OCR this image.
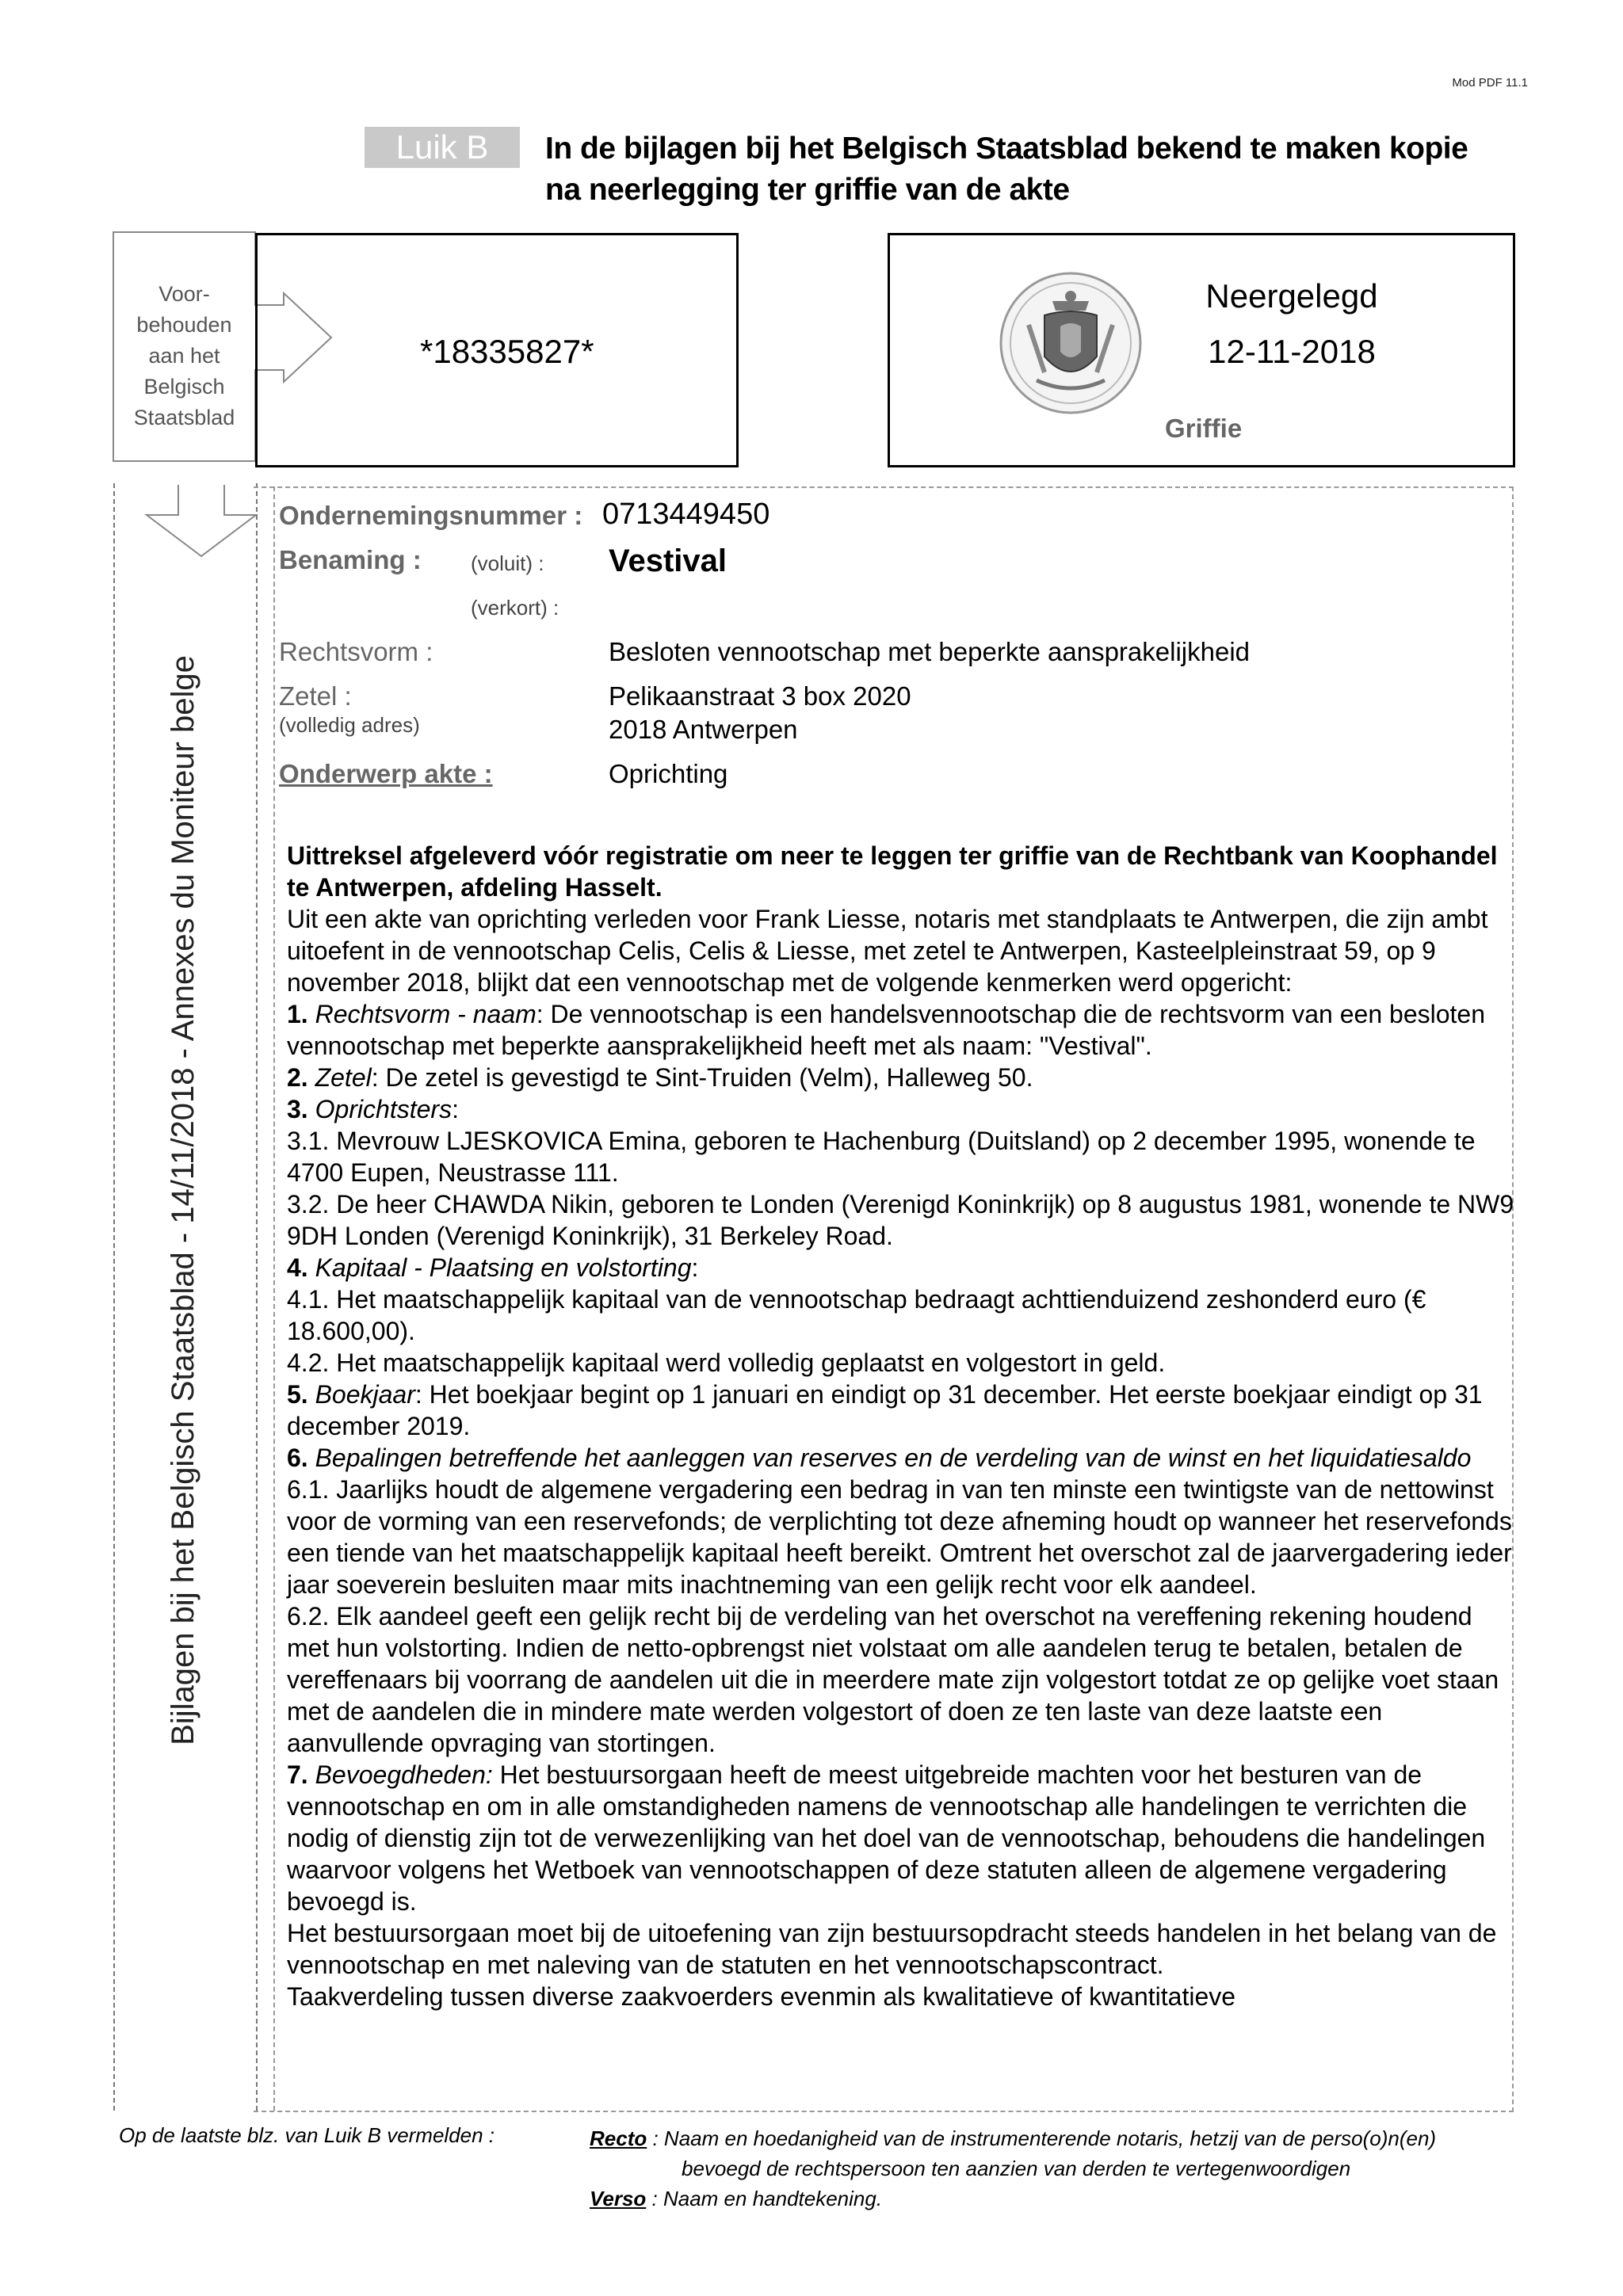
Mod PDF 11.1
Luik B	In de bijlagen bij het Belgisch Staatsblad bekend te maken kopie
na neerlegging ter griffie van de akte
Voor-
behouden
aan het
Belgisch
Staatsblad
Bijlagen bij het Belgisch Staatsblad - 14/11/2018 - Annexes du Moniteur belge
*18335827*
Neergelegd
12-11-2018
Griffie
Ondernemingsnummer : 0713449450
Benaming : (voluit) : Vestival
(verkort) :
Rechtsvorm :	Besloten vennootschap met beperkte aansprakelijkheid
Zetel :
(volledig adres)
Pelikaanstraat 3 box 2020
2018 Antwerpen
Onderwerp akte :	Oprichting

Uittreksel afgeleverd vóór registratie om neer te leggen ter griffie van de Rechtbank van Koophandel te Antwerpen, afdeling Hasselt.

Uit een akte van oprichting verleden voor Frank Liesse, notaris met standplaats te Antwerpen, die zijn ambt uitoefent in de vennootschap Celis, Celis & Liesse, met zetel te Antwerpen, Kasteelpleinstraat 59, op 9 november 2018, blijkt dat een vennootschap met de volgende kenmerken werd opgericht:

1. Rechtsvorm - naam: De vennootschap is een handelsvennootschap die de rechtsvorm van een besloten vennootschap met beperkte aansprakelijkheid heeft met als naam: "Vestival".

2. Zetel: De zetel is gevestigd te Sint-Truiden (Velm), Halleweg 50.

3. Oprichtsters:

3.1. Mevrouw LJESKOVICA Emina, geboren te Hachenburg (Duitsland) op 2 december 1995, wonende te 4700 Eupen, Neustrasse 111.

3.2. De heer CHAWDA Nikin, geboren te Londen (Verenigd Koninkrijk) op 8 augustus 1981, wonende te NW9 9DH Londen (Verenigd Koninkrijk), 31 Berkeley Road.

4. Kapitaal - Plaatsing en volstorting:

4.1. Het maatschappelijk kapitaal van de vennootschap bedraagt achttienduizend zeshonderd euro (€ 18.600,00).

4.2. Het maatschappelijk kapitaal werd volledig geplaatst en volgestort in geld.

5. Boekjaar: Het boekjaar begint op 1 januari en eindigt op 31 december. Het eerste boekjaar eindigt op 31 december 2019.

6. Bepalingen betreffende het aanleggen van reserves en de verdeling van de winst en het liquidatiesaldo

6.1. Jaarlijks houdt de algemene vergadering een bedrag in van ten minste een twintigste van de nettowinst voor de vorming van een reservefonds; de verplichting tot deze afneming houdt op wanneer het reservefonds een tiende van het maatschappelijk kapitaal heeft bereikt. Omtrent het overschot zal de jaarvergadering ieder jaar soeverein besluiten maar mits inachtneming van een gelijk recht voor elk aandeel.

6.2. Elk aandeel geeft een gelijk recht bij de verdeling van het overschot na vereffening rekening houdend met hun volstorting. Indien de netto-opbrengst niet volstaat om alle aandelen terug te betalen, betalen de vereffenaars bij voorrang de aandelen uit die in meerdere mate zijn volgestort totdat ze op gelijke voet staan met de aandelen die in mindere mate werden volgestort of doen ze ten laste van deze laatste een aanvullende opvraging van stortingen.

7. Bevoegdheden: Het bestuursorgaan heeft de meest uitgebreide machten voor het besturen van de vennootschap en om in alle omstandigheden namens de vennootschap alle handelingen te verrichten die nodig of dienstig zijn tot de verwezenlijking van het doel van de vennootschap, behoudens die handelingen waarvoor volgens het Wetboek van vennootschappen of deze statuten alleen de algemene vergadering bevoegd is.

Het bestuursorgaan moet bij de uitoefening van zijn bestuursopdracht steeds handelen in het belang van de vennootschap en met naleving van de statuten en het vennootschapscontract.

Taakverdeling tussen diverse zaakvoerders evenmin als kwalitatieve of kwantitatieve

Op de laatste blz. van Luik B vermelden :	Recto : Naam en hoedanigheid van de instrumenterende notaris, hetzij van de perso(o)n(en)
bevoegd de rechtspersoon ten aanzien van derden te vertegenwoordigen
Verso : Naam en handtekening.
